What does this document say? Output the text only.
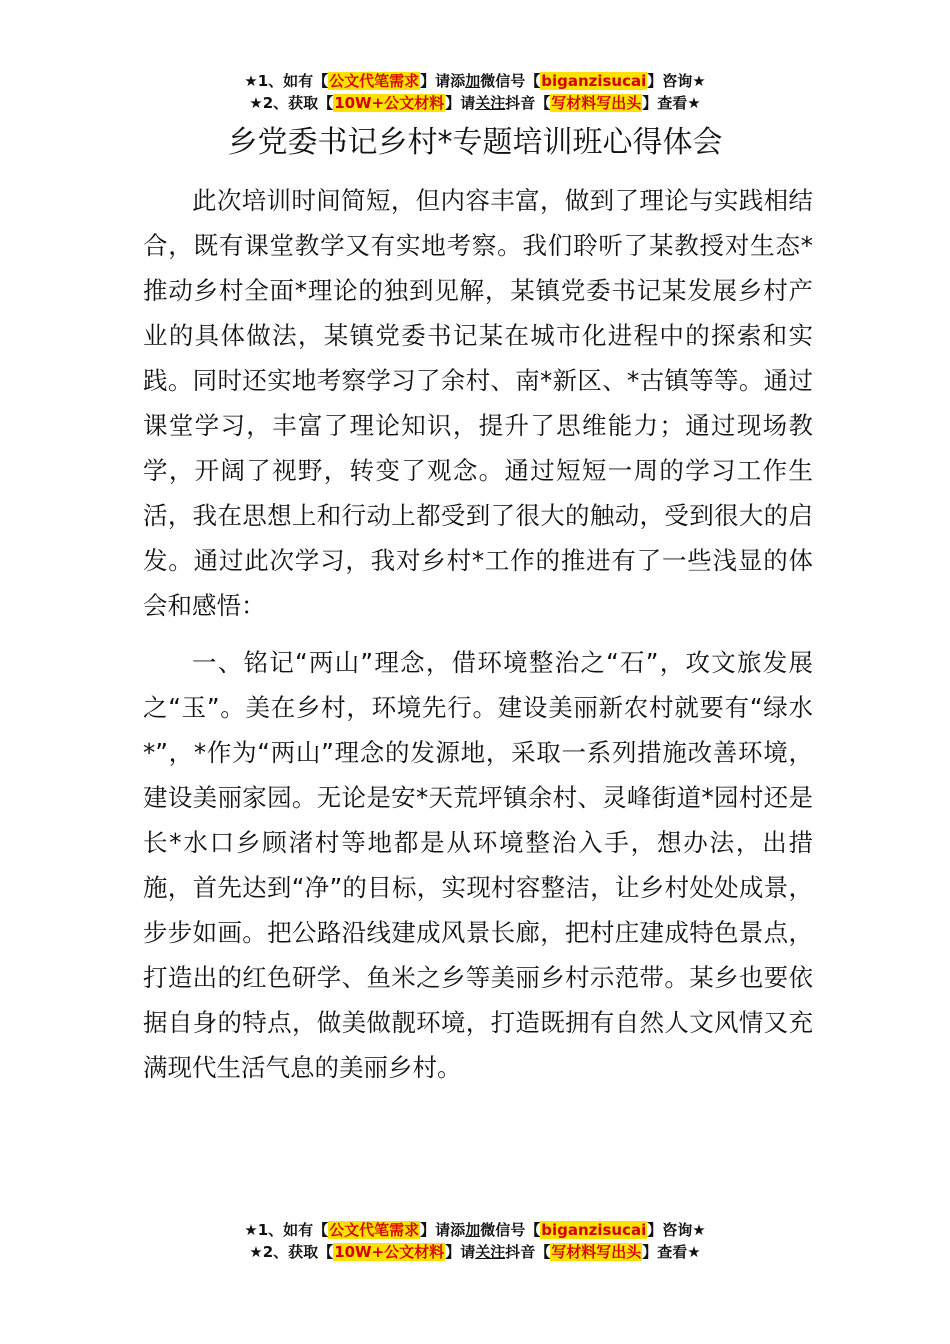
★1、如有【公文代笔需求】请添加微信号【biganzisucai】咨询★
★2、获取【10W+公文材料】请关注抖音【写材料写出头】查看★
乡党委书记乡村*专题培训班心得体会

此次培训时间简短，但内容丰富，做到了理论与实践相结合，既有课堂教学又有实地考察。我们聆听了某教授对生态*推动乡村全面*理论的独到见解，某镇党委书记某发展乡村产业的具体做法，某镇党委书记某在城市化进程中的探索和实践。同时还实地考察学习了余村、南*新区、*古镇等等。通过课堂学习，丰富了理论知识，提升了思维能力；通过现场教学，开阔了视野，转变了观念。通过短短一周的学习工作生活，我在思想上和行动上都受到了很大的触动，受到很大的启发。通过此次学习，我对乡村*工作的推进有了一些浅显的体会和感悟：

一、铭记“两山”理念，借环境整治之“石”，攻文旅发展之“玉”。美在乡村，环境先行。建设美丽新农村就要有“绿水*”，*作为“两山”理念的发源地，采取一系列措施改善环境，建设美丽家园。无论是安*天荒坪镇余村、灵峰街道*园村还是长*水口乡顾渚村等地都是从环境整治入手，想办法，出措施，首先达到“净”的目标，实现村容整洁，让乡村处处成景，步步如画。把公路沿线建成风景长廊，把村庄建成特色景点，打造出的红色研学、鱼米之乡等美丽乡村示范带。某乡也要依据自身的特点，做美做靓环境，打造既拥有自然人文风情又充满现代生活气息的美丽乡村。

★1、如有【公文代笔需求】请添加微信号【biganzisucai】咨询★
★2、获取【10W+公文材料】请关注抖音【写材料写出头】查看★
